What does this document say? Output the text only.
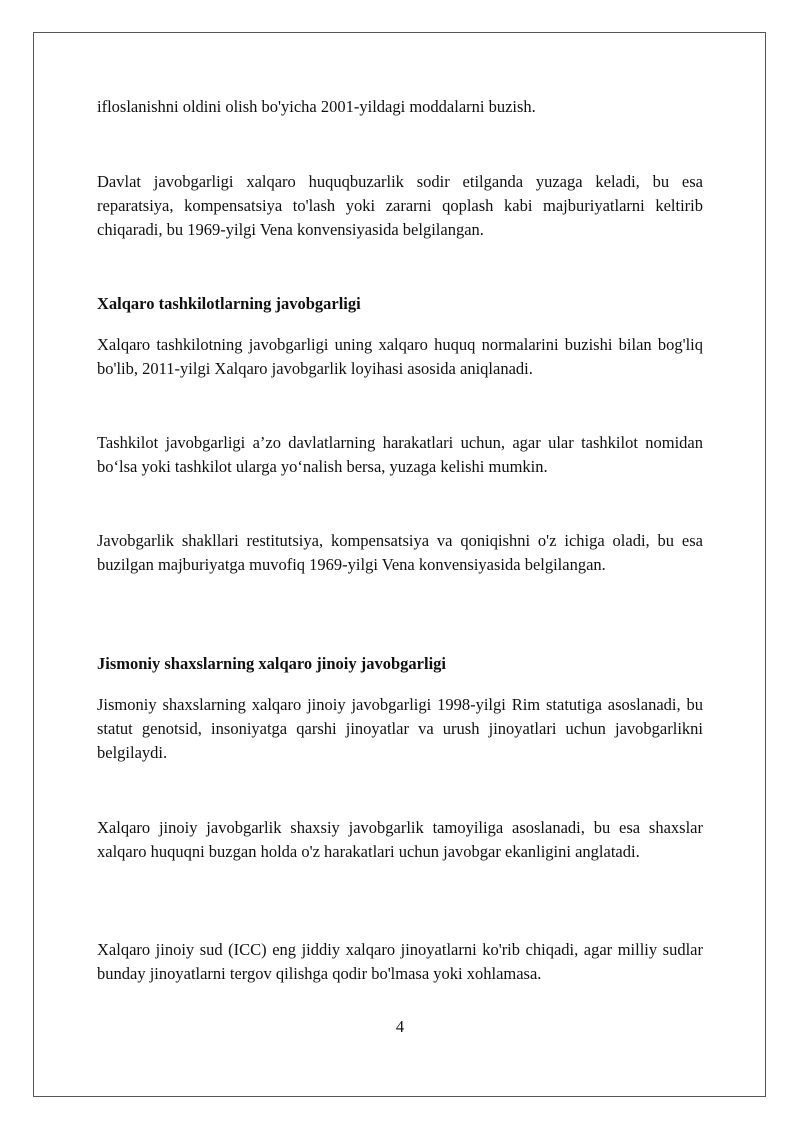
ifloslanishni oldini olish bo'yicha 2001-yildagi moddalarni buzish.

Davlat javobgarligi xalqaro huquqbuzarlik sodir etilganda yuzaga keladi, bu esa reparatsiya, kompensatsiya to'lash yoki zararni qoplash kabi majburiyatlarni keltirib chiqaradi, bu 1969-yilgi Vena konvensiyasida belgilangan.

Xalqaro tashkilotlarning javobgarligi

Xalqaro tashkilotning javobgarligi uning xalqaro huquq normalarini buzishi bilan bog'liq bo'lib, 2011-yilgi Xalqaro javobgarlik loyihasi asosida aniqlanadi.

Tashkilot javobgarligi a’zo davlatlarning harakatlari uchun, agar ular tashkilot nomidan bo‘lsa yoki tashkilot ularga yo‘nalish bersa, yuzaga kelishi mumkin.

Javobgarlik shakllari restitutsiya, kompensatsiya va qoniqishni o'z ichiga oladi, bu esa buzilgan majburiyatga muvofiq 1969-yilgi Vena konvensiyasida belgilangan.

Jismoniy shaxslarning xalqaro jinoiy javobgarligi

Jismoniy shaxslarning xalqaro jinoiy javobgarligi 1998-yilgi Rim statutiga asoslanadi, bu statut genotsid, insoniyatga qarshi jinoyatlar va urush jinoyatlari uchun javobgarlikni belgilaydi.

Xalqaro jinoiy javobgarlik shaxsiy javobgarlik tamoyiliga asoslanadi, bu esa shaxslar xalqaro huquqni buzgan holda o'z harakatlari uchun javobgar ekanligini anglatadi.

Xalqaro jinoiy sud (ICC) eng jiddiy xalqaro jinoyatlarni ko'rib chiqadi, agar milliy sudlar bunday jinoyatlarni tergov qilishga qodir bo'lmasa yoki xohlamasa.

4
